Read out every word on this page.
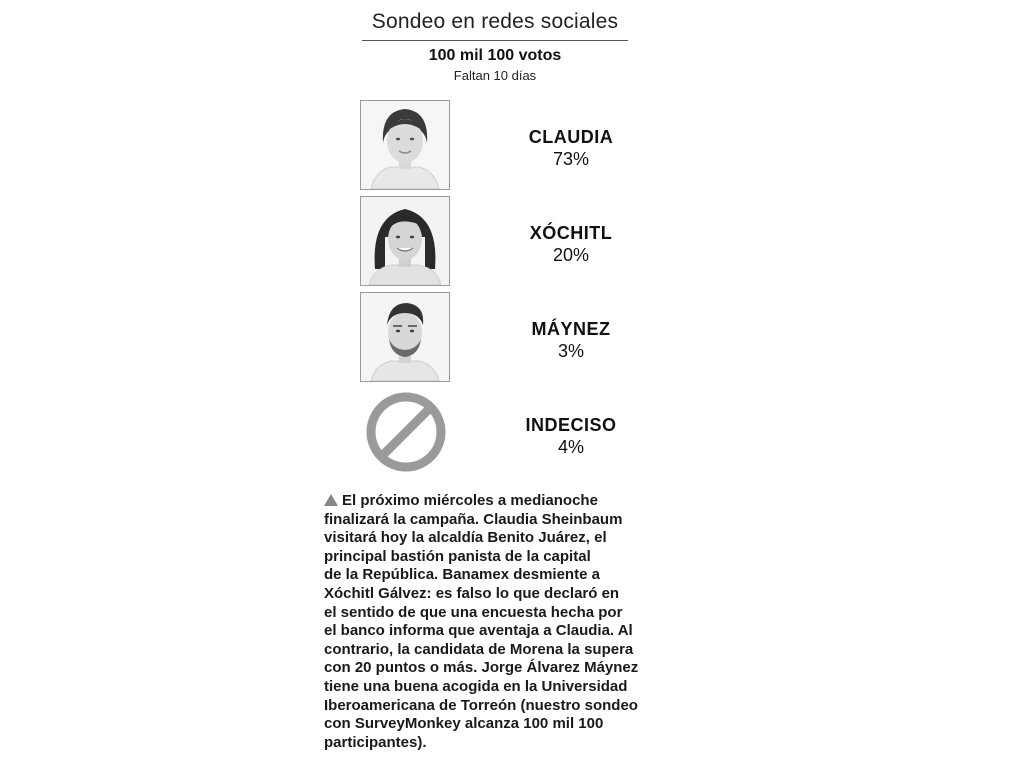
Sondeo en redes sociales
100 mil 100 votos
Faltan 10 días
CLAUDIA
73%
XÓCHITL
20%
MÁYNEZ
3%
INDECISO
4%
El próximo miércoles a medianoche
finalizará la campaña. Claudia Sheinbaum
visitará hoy la alcaldía Benito Juárez, el
principal bastión panista de la capital
de la República. Banamex desmiente a
Xóchitl Gálvez: es falso lo que declaró en
el sentido de que una encuesta hecha por
el banco informa que aventaja a Claudia. Al
contrario, la candidata de Morena la supera
con 20 puntos o más. Jorge Álvarez Máynez
tiene una buena acogida en la Universidad
Iberoamericana de Torreón (nuestro sondeo
con SurveyMonkey alcanza 100 mil 100
participantes).
